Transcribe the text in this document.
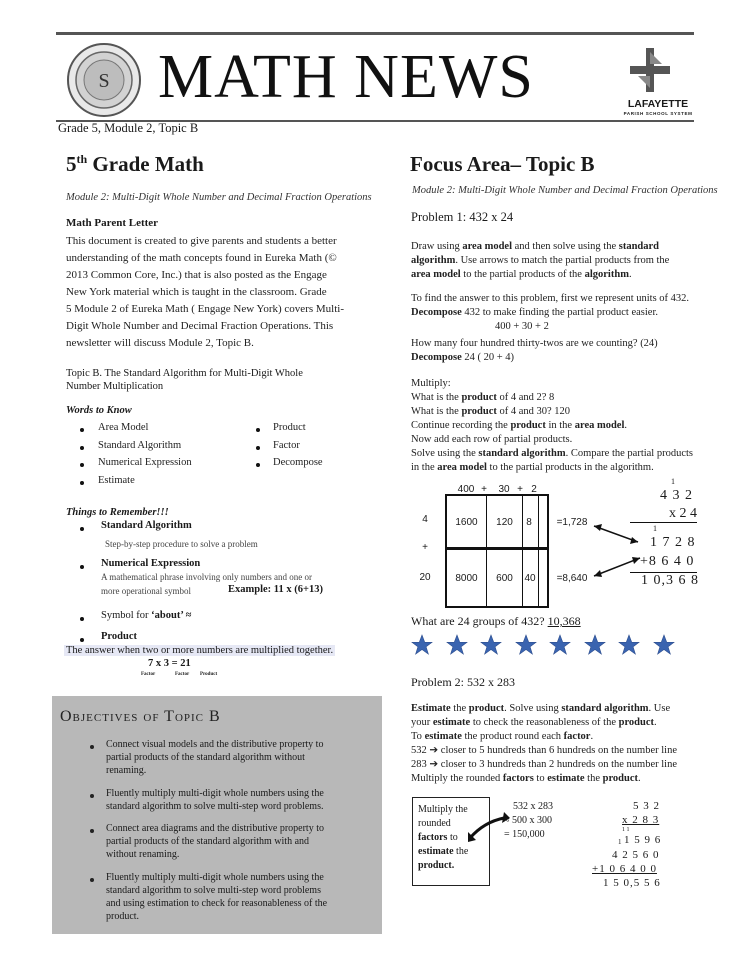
S MATH NEWS	LAFAYETTE
PARISH SCHOOL SYSTEM
Grade 5, Module 2, Topic B
5th Grade Math
Module 2: Multi-Digit Whole Number and Decimal Fraction Operations
Math Parent Letter
This document is created to give parents and students a better
understanding of the math concepts found in Eureka Math (©
2013 Common Core, Inc.) that is also posted as the Engage
New York material which is taught in the classroom. Grade
5 Module 2 of Eureka Math ( Engage New York) covers Multi-
Digit Whole Number and Decimal Fraction Operations. This
newsletter will discuss Module 2, Topic B.
Topic B. The Standard Algorithm for Multi-Digit Whole
Number Multiplication
Words to Know
Area Model
Standard Algorithm
Numerical Expression
Estimate
Product
Factor
Decompose
Things to Remember!!!
Standard Algorithm
Step-by-step procedure to solve a problem
Numerical Expression
A mathematical phrase involving only numbers and one or
more operational symbol	Example: 11 x (6+13)
Symbol for ‘about’ ≈
Product
The answer when two or more numbers are multiplied together.
7 x 3 = 21
Factor	Factor Product
Objectives of Topic B
Connect visual models and the distributive property to
partial products of the standard algorithm without
renaming.
Fluently multiply multi-digit whole numbers using the
standard algorithm to solve multi-step word problems.
Connect area diagrams and the distributive property to
partial products of the standard algorithm with and
without renaming.
Fluently multiply multi-digit whole numbers using the
standard algorithm to solve multi-step word problems
and using estimation to check for reasonableness of the
product.
Focus Area– Topic B
Module 2: Multi-Digit Whole Number and Decimal Fraction Operations
Problem 1: 432 x 24
Draw using area model and then solve using the standard
algorithm. Use arrows to match the partial products from the
area model to the partial products of the algorithm.
To find the answer to this problem, first we represent units of 432.
Decompose 432 to make finding the partial product easier.
400 + 30 + 2
How many four hundred thirty-twos are we counting? (24)
Decompose 24 ( 20 + 4)
Multiply:
What is the product of 4 and 2? 8
What is the product of 4 and 30? 120
Continue recording the product in the area model.
Now add each row of partial products.
Solve using the standard algorithm. Compare the partial products
in the area model to the partial products in the algorithm.
400 +	30 + 2
4
+
20
1600	120	8
8000	600	40
=1,728
=8,640
1
4 3 2
x 2 4
1
1 7 2 8
+8 6 4 0
1 0,3 6 8
What are 24 groups of 432? 10,368
Problem 2: 532 x 283
Estimate the product. Solve using standard algorithm. Use
your estimate to check the reasonableness of the product.
To estimate the product round each factor.
532 ➔ closer to 5 hundreds than 6 hundreds on the number line
283 ➔ closer to 3 hundreds than 2 hundreds on the number line
Multiply the rounded factors to estimate the product.
Multiply the
rounded
factors to
estimate the
product.
532 x 283
≈ 500 x 300
= 150,000
5 3 2
x 2 8 3
1 1
1 1 5 9 6
4 2 5 6 0
+1 0 6 4 0 0
1 5 0,5 5 6
